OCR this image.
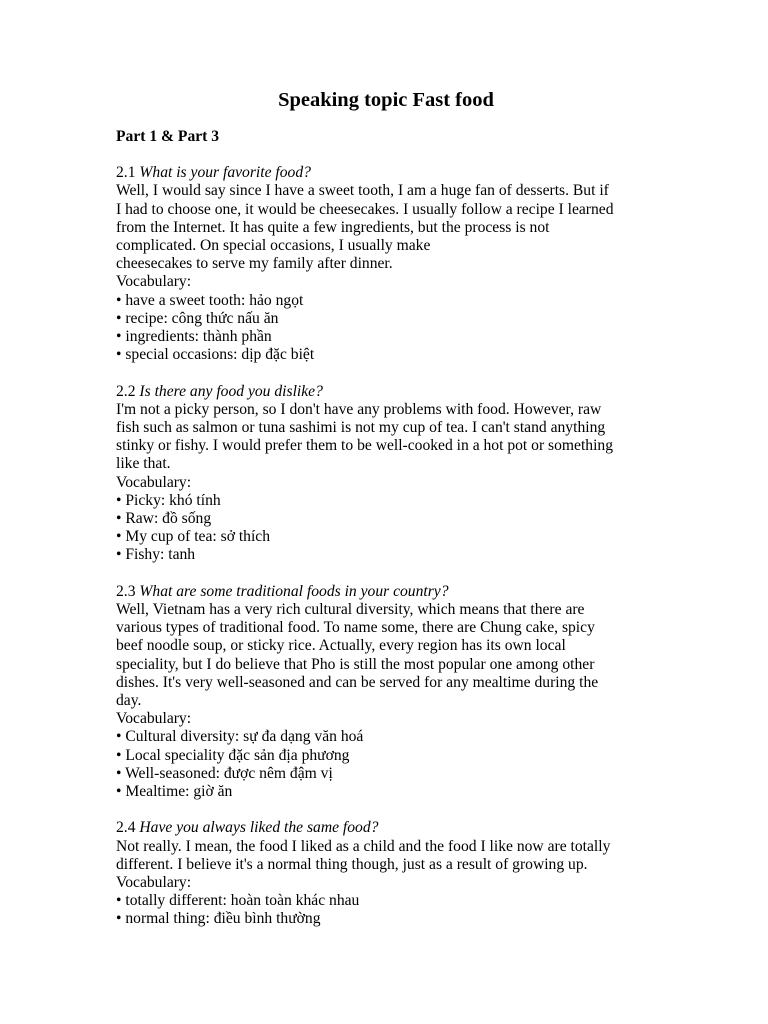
Speaking topic Fast food
Part 1 & Part 3
2.1 What is your favorite food?
Well, I would say since I have a sweet tooth, I am a huge fan of desserts. But if
I had to choose one, it would be cheesecakes. I usually follow a recipe I learned
from the Internet. It has quite a few ingredients, but the process is not
complicated. On special occasions, I usually make
cheesecakes to serve my family after dinner.
Vocabulary:
• have a sweet tooth: hảo ngọt
• recipe: công thức nấu ăn
• ingredients: thành phần
• special occasions: dịp đặc biệt
2.2 Is there any food you dislike?
I'm not a picky person, so I don't have any problems with food. However, raw
fish such as salmon or tuna sashimi is not my cup of tea. I can't stand anything
stinky or fishy. I would prefer them to be well-cooked in a hot pot or something
like that.
Vocabulary:
• Picky: khó tính
• Raw: đồ sống
• My cup of tea: sở thích
• Fishy: tanh
2.3 What are some traditional foods in your country?
Well, Vietnam has a very rich cultural diversity, which means that there are
various types of traditional food. To name some, there are Chung cake, spicy
beef noodle soup, or sticky rice. Actually, every region has its own local
speciality, but I do believe that Pho is still the most popular one among other
dishes. It's very well-seasoned and can be served for any mealtime during the
day.
Vocabulary:
• Cultural diversity: sự đa dạng văn hoá
• Local speciality đặc sản địa phương
• Well-seasoned: được nêm đậm vị
• Mealtime: giờ ăn
2.4 Have you always liked the same food?
Not really. I mean, the food I liked as a child and the food I like now are totally
different. I believe it's a normal thing though, just as a result of growing up.
Vocabulary:
• totally different: hoàn toàn khác nhau
• normal thing: điều bình thường
